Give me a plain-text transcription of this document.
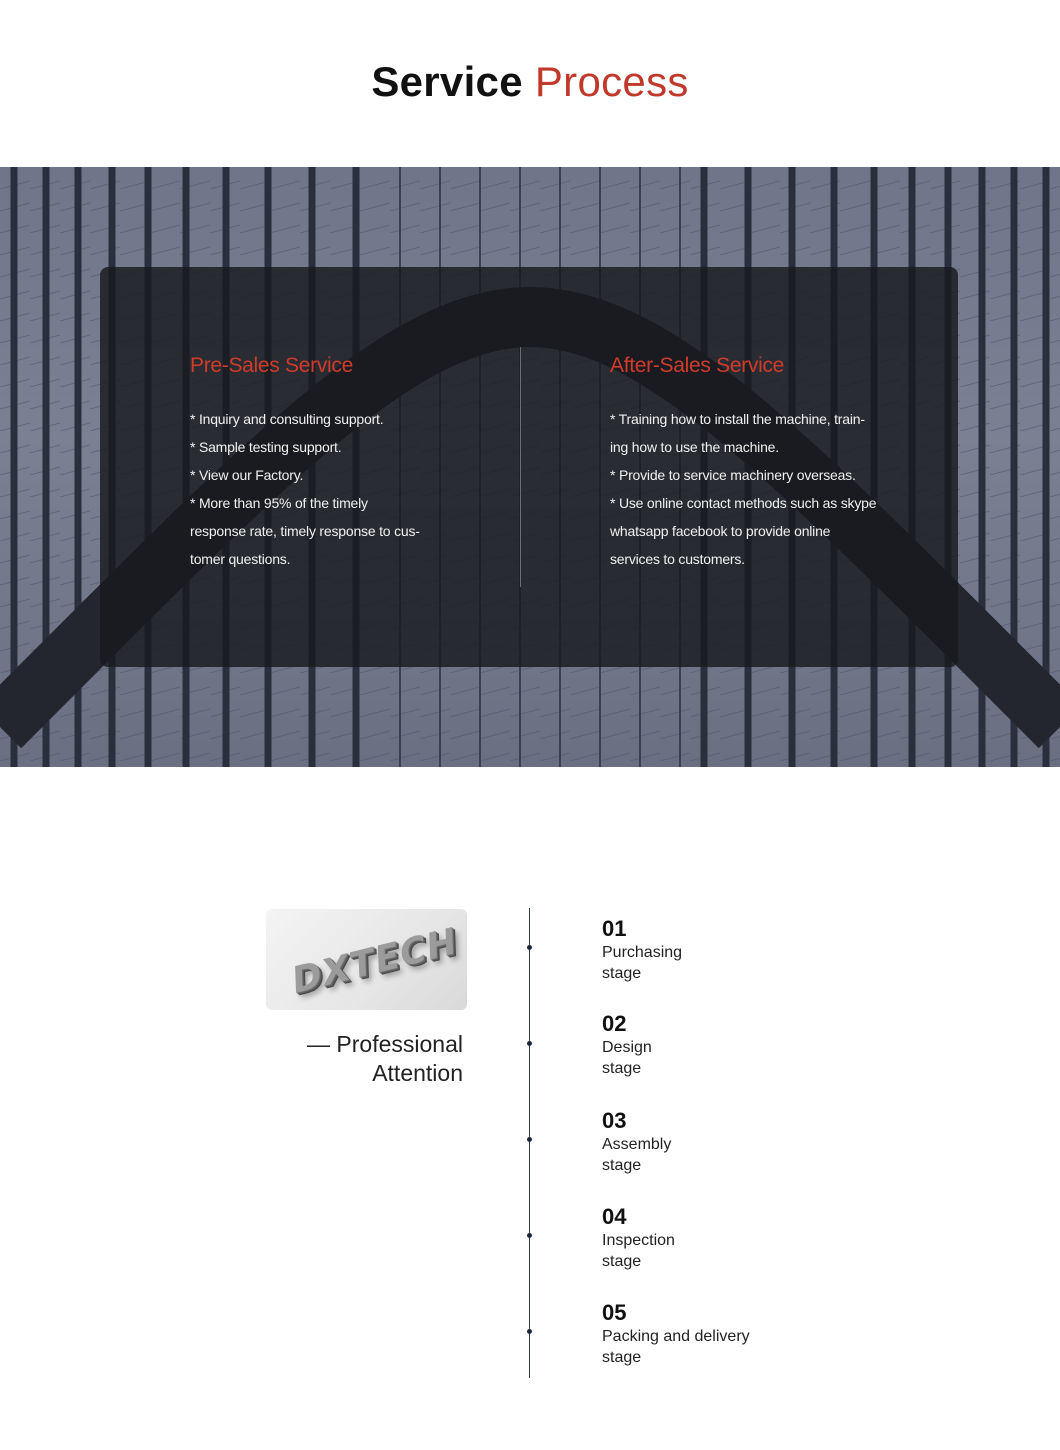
Service Process
Pre-Sales Service
* Inquiry and consulting support.
* Sample testing support.
* View our Factory.
* More than 95% of the timely
response rate, timely response to cus-
tomer questions.
After-Sales Service
* Training how to install the machine, train-
ing how to use the machine.
* Provide to service machinery overseas.
* Use online contact methods such as skype
whatsapp facebook to provide online
services to customers.
DXTECH
— Professional
Attention
01
Purchasing
stage
02
Design
stage
03
Assembly
stage
04
Inspection
stage
05
Packing and delivery
stage
